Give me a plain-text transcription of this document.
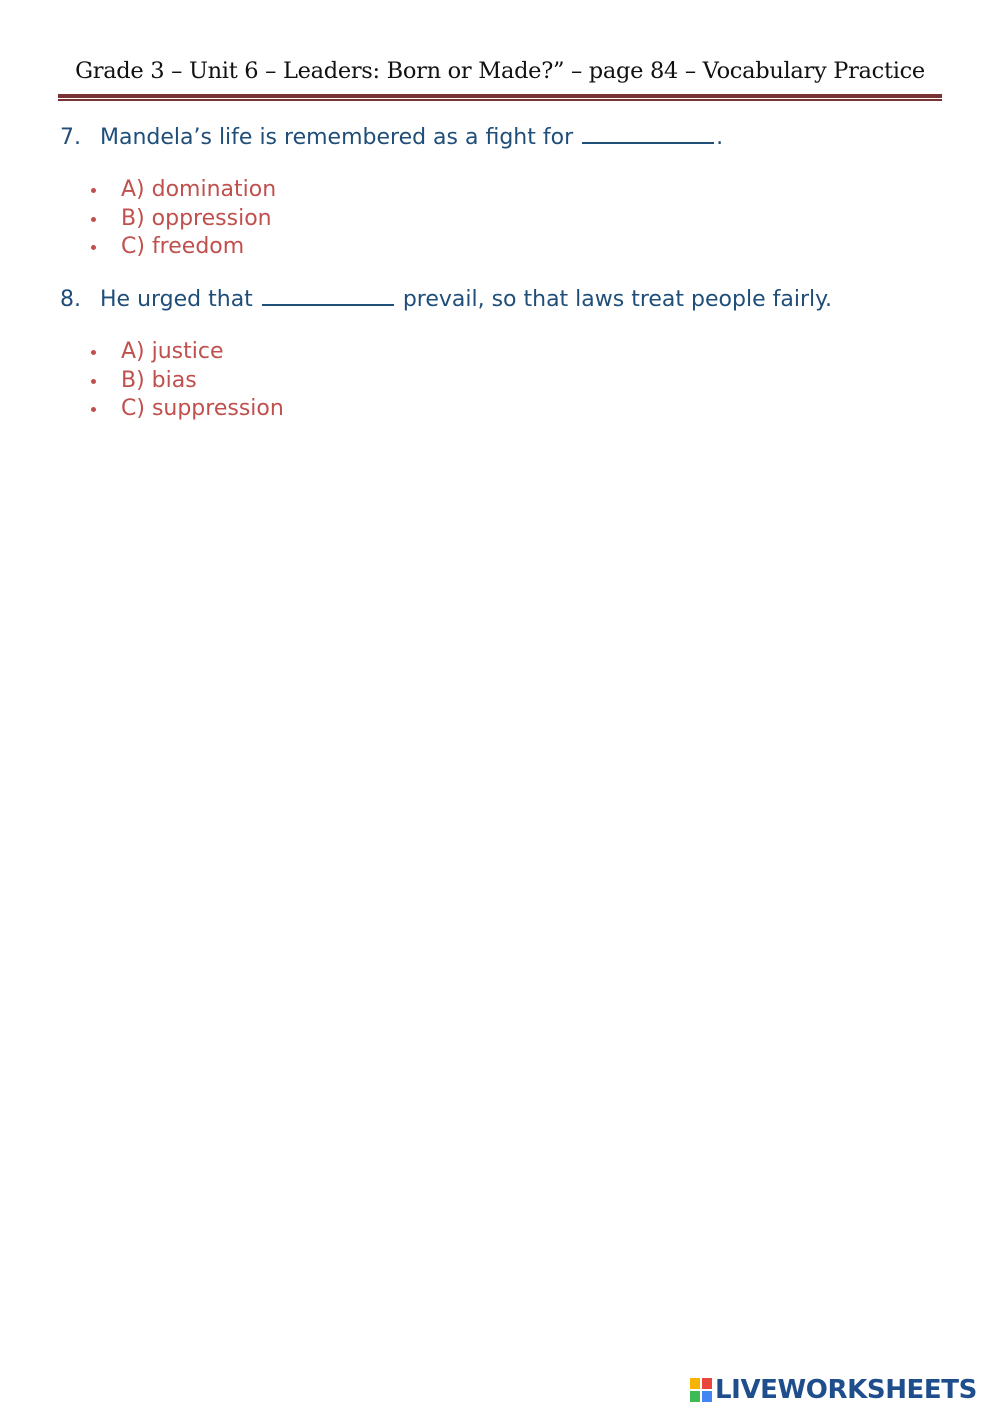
Grade 3 – Unit 6 – Leaders: Born or Made?” – page 84 – Vocabulary Practice
7. Mandela’s life is remembered as a fight for	.
A) domination
B) oppression
C) freedom
8. He urged that	prevail, so that laws treat people fairly.
A) justice
B) bias
C) suppression
LIVEWORKSHEETS
